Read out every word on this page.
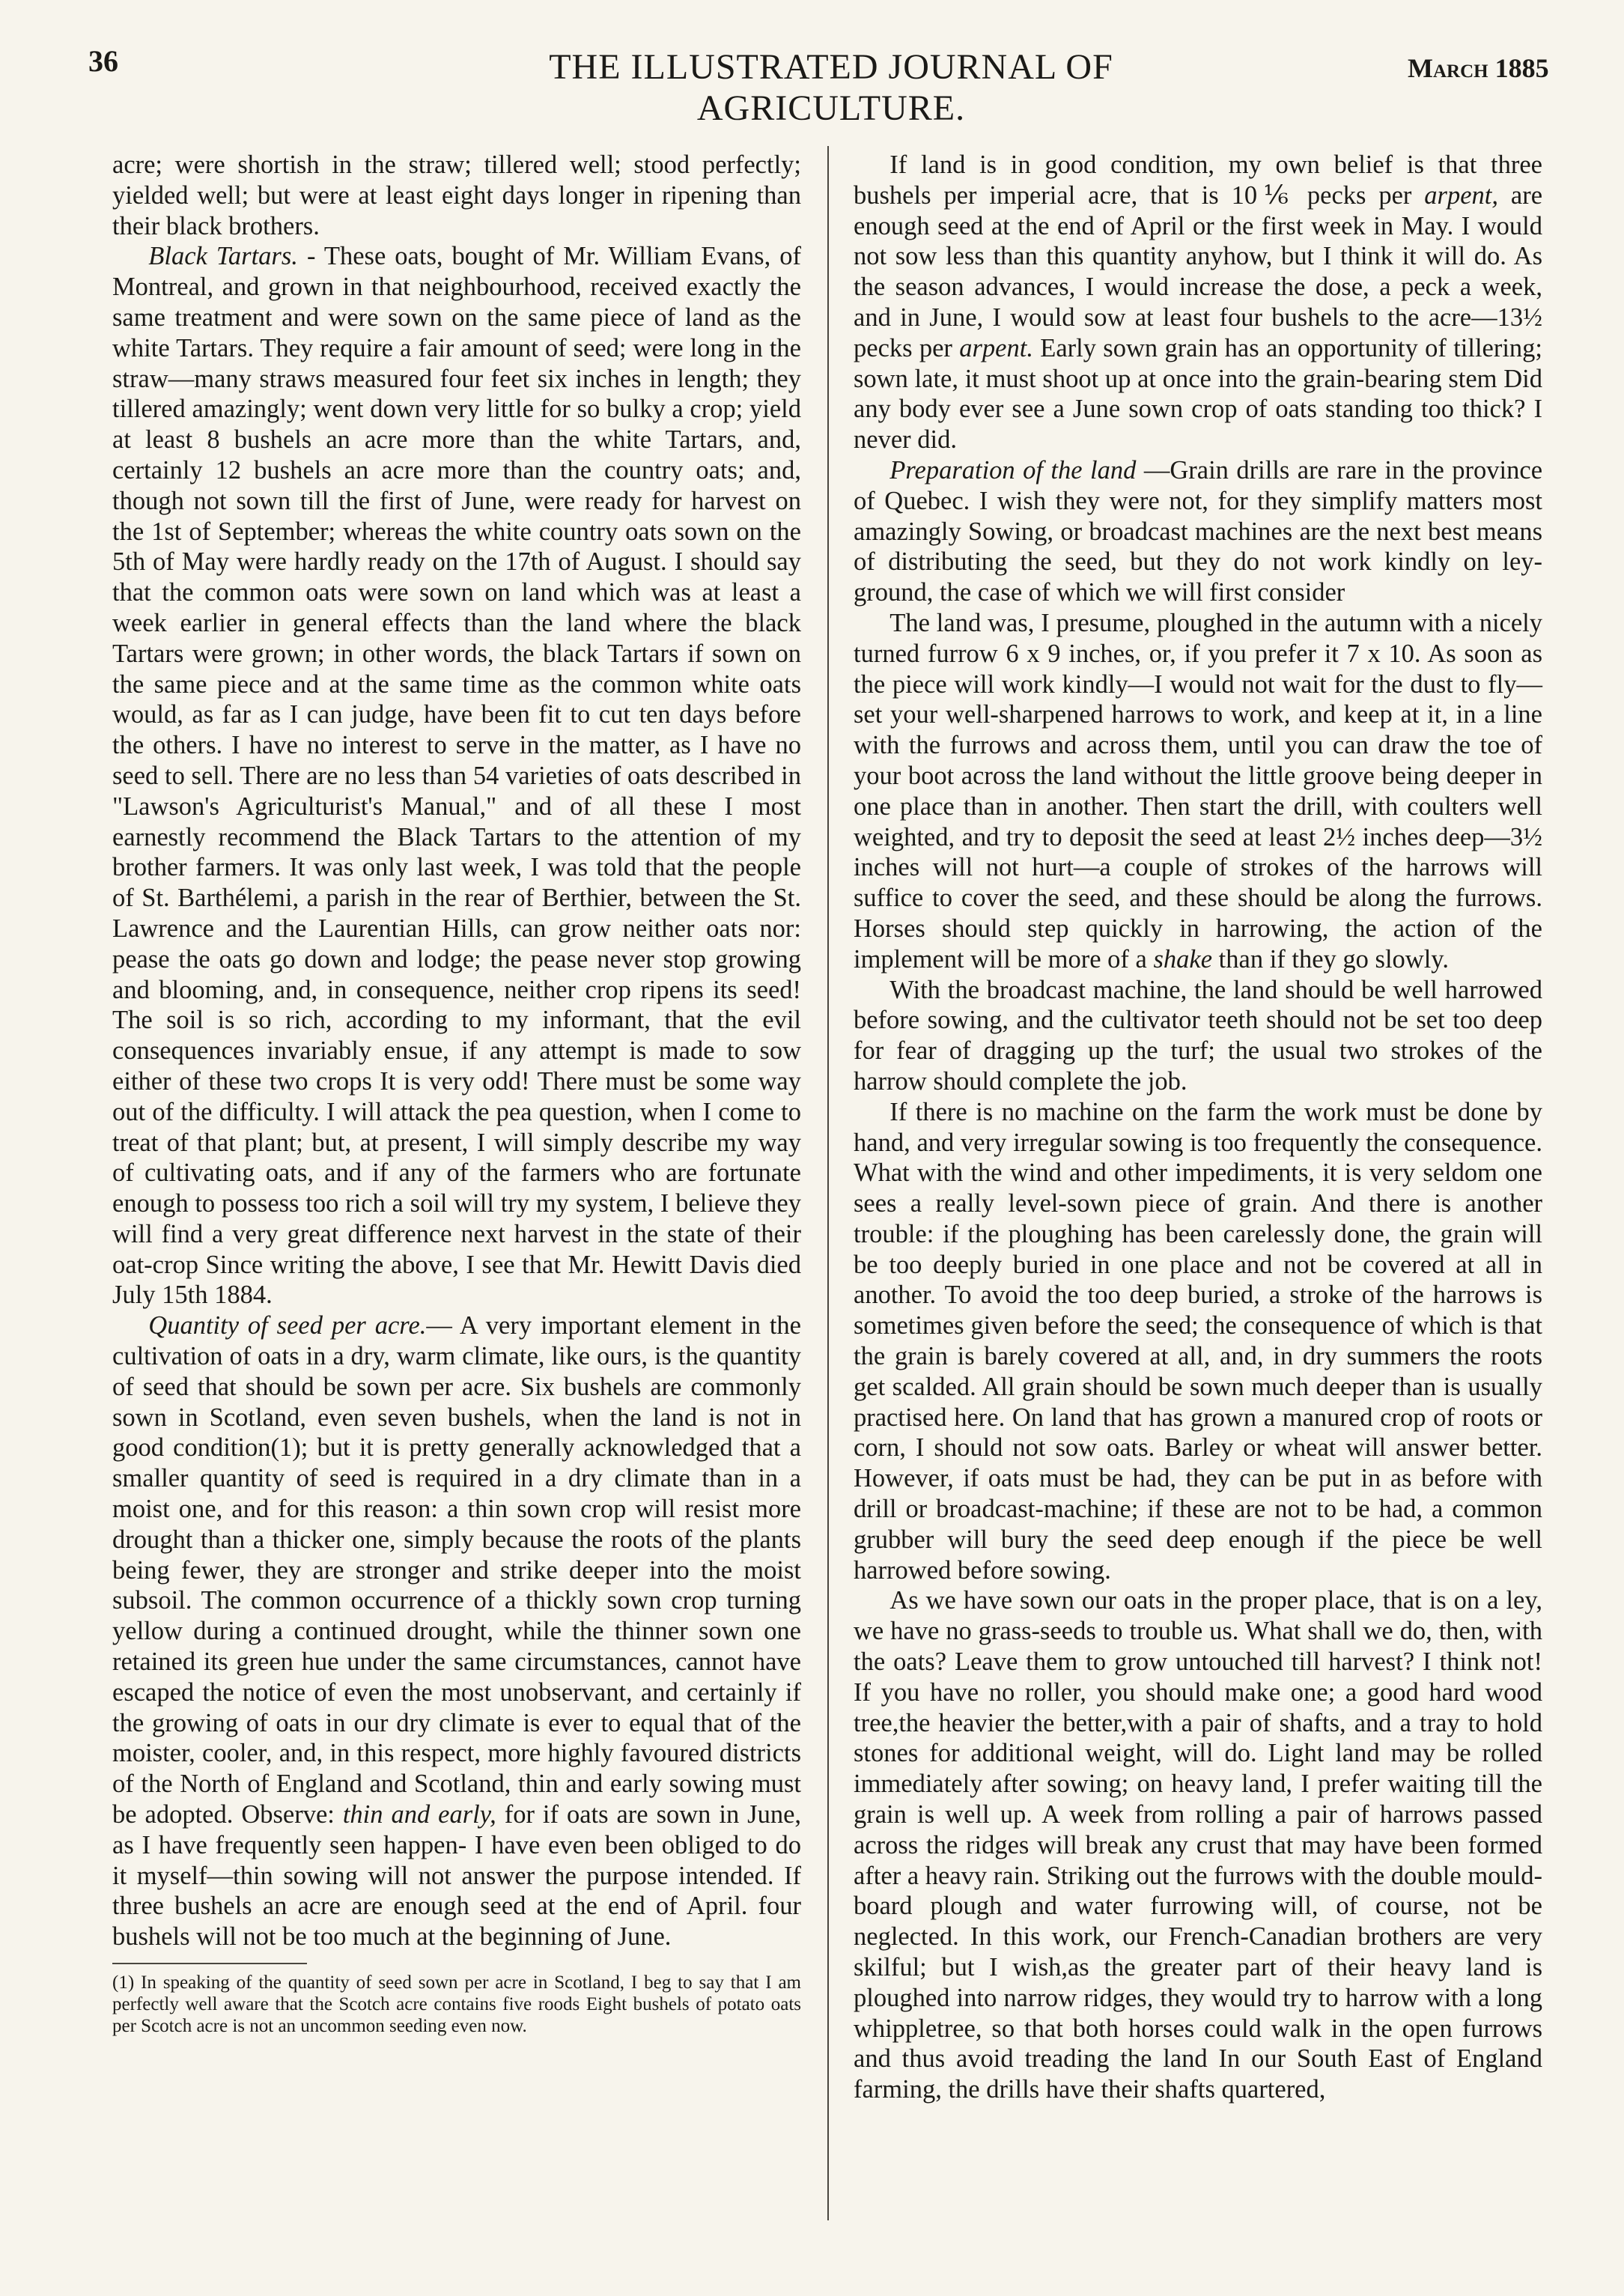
36	THE ILLUSTRATED JOURNAL OF AGRICULTURE.
March 1885

acre; were shortish in the straw; tillered well; stood perfectly; yielded well; but were at least eight days longer in ripening than their black brothers.

Black Tartars. - These oats, bought of Mr. William Evans, of Montreal, and grown in that neighbourhood, received exactly the same treatment and were sown on the same piece of land as the white Tartars. They require a fair amount of seed; were long in the straw—many straws measured four feet six inches in length; they tillered amazingly; went down very little for so bulky a crop; yield at least 8 bushels an acre more than the white Tartars, and, certainly 12 bushels an acre more than the country oats; and, though not sown till the first of June, were ready for harvest on the 1st of September; whereas the white country oats sown on the 5th of May were hardly ready on the 17th of August. I should say that the common oats were sown on land which was at least a week earlier in general effects than the land where the black Tartars were grown; in other words, the black Tartars if sown on the same piece and at the same time as the common white oats would, as far as I can judge, have been fit to cut ten days before the others. I have no interest to serve in the matter, as I have no seed to sell. There are no less than 54 varieties of oats described in "Lawson's Agriculturist's Manual," and of all these I most earnestly recommend the Black Tartars to the attention of my brother farmers. It was only last week, I was told that the people of St. Barthélemi, a parish in the rear of Berthier, between the St. Lawrence and the Laurentian Hills, can grow neither oats nor: pease the oats go down and lodge; the pease never stop growing and blooming, and, in consequence, neither crop ripens its seed! The soil is so rich, according to my informant, that the evil consequences invariably ensue, if any attempt is made to sow either of these two crops It is very odd! There must be some way out of the difficulty. I will attack the pea question, when I come to treat of that plant; but, at present, I will simply describe my way of cultivating oats, and if any of the farmers who are fortunate enough to possess too rich a soil will try my system, I believe they will find a very great difference next harvest in the state of their oat-crop Since writing the above, I see that Mr. Hewitt Davis died July 15th 1884.

Quantity of seed per acre.— A very important element in the cultivation of oats in a dry, warm climate, like ours, is the quantity of seed that should be sown per acre. Six bushels are commonly sown in Scotland, even seven bushels, when the land is not in good condition(1); but it is pretty generally acknowledged that a smaller quantity of seed is required in a dry climate than in a moist one, and for this reason: a thin sown crop will resist more drought than a thicker one, simply because the roots of the plants being fewer, they are stronger and strike deeper into the moist subsoil. The common occurrence of a thickly sown crop turning yellow during a continued drought, while the thinner sown one retained its green hue under the same circumstances, cannot have escaped the notice of even the most unobservant, and certainly if the growing of oats in our dry climate is ever to equal that of the moister, cooler, and, in this respect, more highly favoured districts of the North of England and Scotland, thin and early sowing must be adopted. Observe: thin and early, for if oats are sown in June, as I have frequently seen happen- I have even been obliged to do it myself—thin sowing will not answer the purpose intended. If three bushels an acre are enough seed at the end of April. four bushels will not be too much at the beginning of June.

(1) In speaking of the quantity of seed sown per acre in Scotland, I beg to say that I am perfectly well aware that the Scotch acre contains five roods Eight bushels of potato oats per Scotch acre is not an uncommon seeding even now.

If land is in good condition, my own belief is that three bushels per imperial acre, that is 10⅙ pecks per arpent, are enough seed at the end of April or the first week in May. I would not sow less than this quantity anyhow, but I think it will do. As the season advances, I would increase the dose, a peck a week, and in June, I would sow at least four bushels to the acre—13½ pecks per arpent. Early sown grain has an opportunity of tillering; sown late, it must shoot up at once into the grain-bearing stem Did any body ever see a June sown crop of oats standing too thick? I never did.

Preparation of the land —Grain drills are rare in the province of Quebec. I wish they were not, for they simplify matters most amazingly Sowing, or broadcast machines are the next best means of distributing the seed, but they do not work kindly on ley-ground, the case of which we will first consider

The land was, I presume, ploughed in the autumn with a nicely turned furrow 6 x 9 inches, or, if you prefer it 7 x 10. As soon as the piece will work kindly—I would not wait for the dust to fly—set your well-sharpened harrows to work, and keep at it, in a line with the furrows and across them, until you can draw the toe of your boot across the land without the little groove being deeper in one place than in another. Then start the drill, with coulters well weighted, and try to deposit the seed at least 2½ inches deep—3½ inches will not hurt—a couple of strokes of the harrows will suffice to cover the seed, and these should be along the furrows. Horses should step quickly in harrowing, the action of the implement will be more of a shake than if they go slowly.

With the broadcast machine, the land should be well harrowed before sowing, and the cultivator teeth should not be set too deep for fear of dragging up the turf; the usual two strokes of the harrow should complete the job.

If there is no machine on the farm the work must be done by hand, and very irregular sowing is too frequently the consequence. What with the wind and other impediments, it is very seldom one sees a really level-sown piece of grain. And there is another trouble: if the ploughing has been carelessly done, the grain will be too deeply buried in one place and not be covered at all in another. To avoid the too deep buried, a stroke of the harrows is sometimes given before the seed; the consequence of which is that the grain is barely covered at all, and, in dry summers the roots get scalded. All grain should be sown much deeper than is usually practised here. On land that has grown a manured crop of roots or corn, I should not sow oats. Barley or wheat will answer better. However, if oats must be had, they can be put in as before with drill or broadcast-machine; if these are not to be had, a common grubber will bury the seed deep enough if the piece be well harrowed before sowing.

As we have sown our oats in the proper place, that is on a ley, we have no grass-seeds to trouble us. What shall we do, then, with the oats? Leave them to grow untouched till harvest? I think not! If you have no roller, you should make one; a good hard wood tree,the heavier the better,with a pair of shafts, and a tray to hold stones for additional weight, will do. Light land may be rolled immediately after sowing; on heavy land, I prefer waiting till the grain is well up. A week from rolling a pair of harrows passed across the ridges will break any crust that may have been formed after a heavy rain. Striking out the furrows with the double mould-board plough and water furrowing will, of course, not be neglected. In this work, our French-Canadian brothers are very skilful; but I wish,as the greater part of their heavy land is ploughed into narrow ridges, they would try to harrow with a long whippletree, so that both horses could walk in the open furrows and thus avoid treading the land In our South East of England farming, the drills have their shafts quartered,
